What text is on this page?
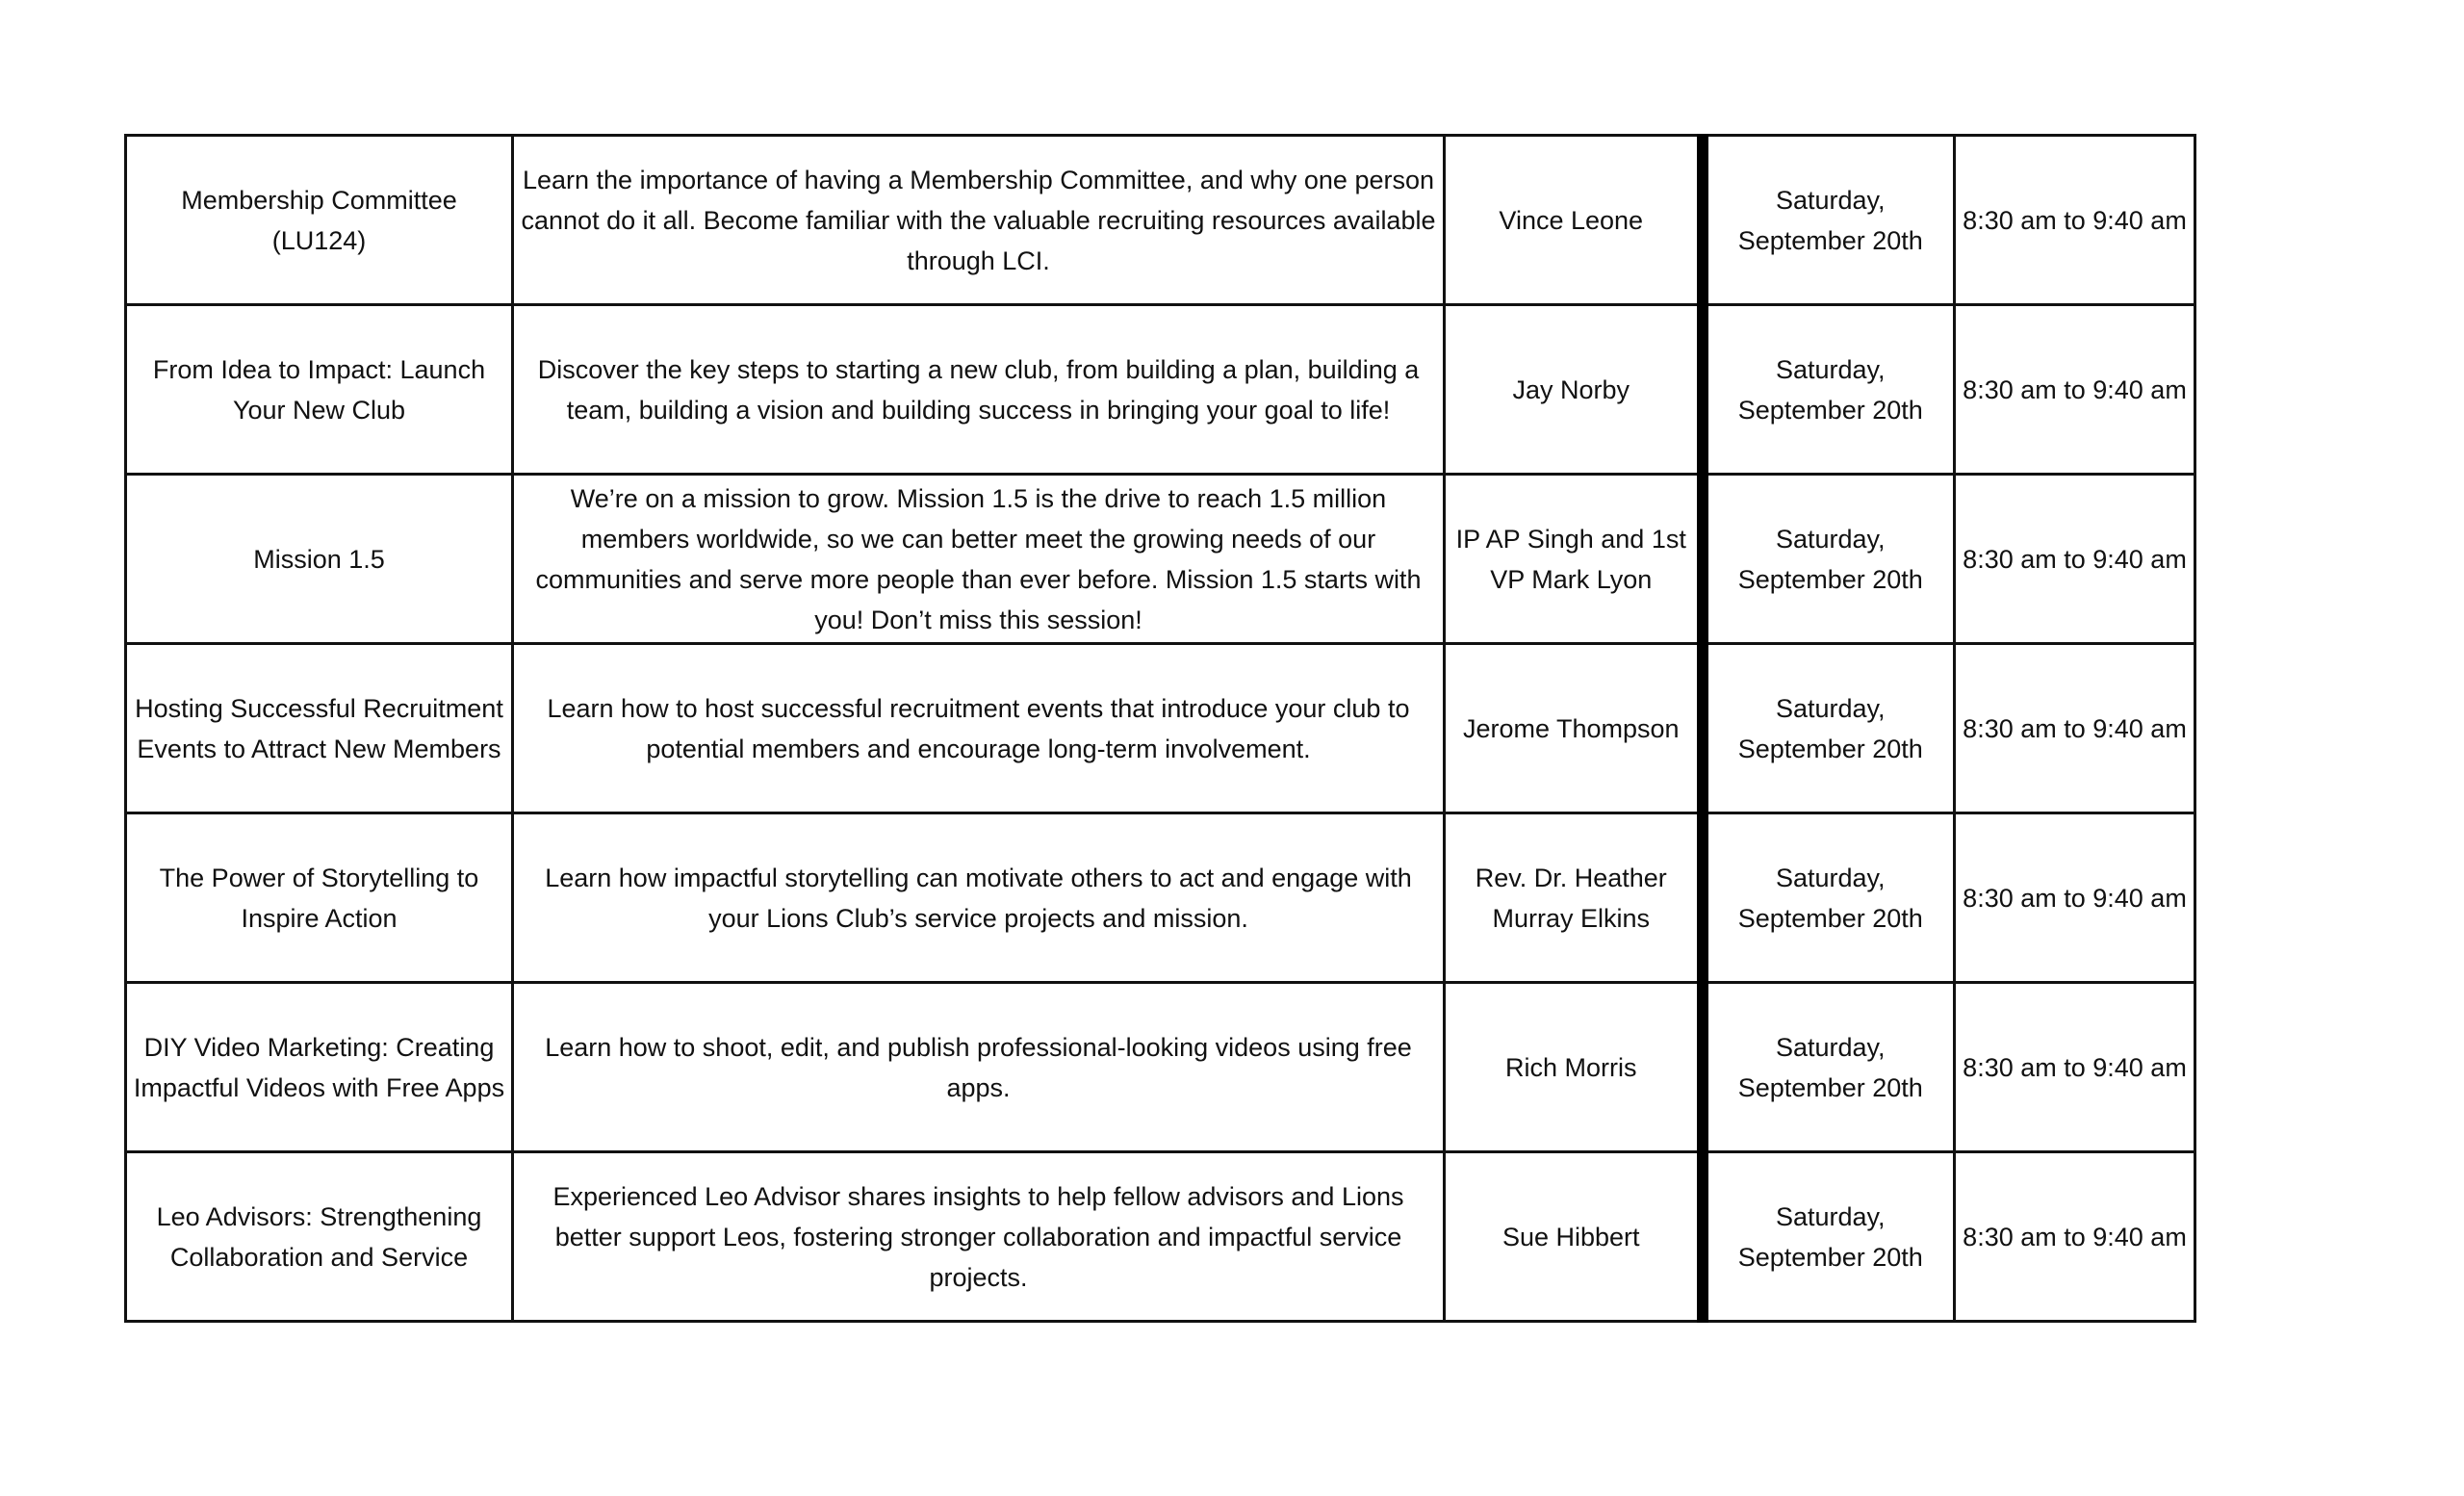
Membership Committee (LU124)	Learn the importance of having a Membership Committee, and why one person cannot do it all. Become familiar with the valuable recruiting resources available through LCI.	Vince Leone	Saturday, September 20th	8:30 am to 9:40 am

From Idea to Impact: Launch Your New Club	Discover the key steps to starting a new club, from building a plan, building a team, building a vision and building success in bringing your goal to life!	Jay Norby	Saturday, September 20th	8:30 am to 9:40 am

Mission 1.5	We’re on a mission to grow. Mission 1.5 is the drive to reach 1.5 million members worldwide, so we can better meet the growing needs of our communities and serve more people than ever before. Mission 1.5 starts with you! Don’t miss this session!	IP AP Singh and 1st VP Mark Lyon	Saturday, September 20th	8:30 am to 9:40 am

Hosting Successful Recruitment Events to Attract New Members	Learn how to host successful recruitment events that introduce your club to potential members and encourage long-term involvement.	Jerome Thompson	Saturday, September 20th	8:30 am to 9:40 am

The Power of Storytelling to Inspire Action	Learn how impactful storytelling can motivate others to act and engage with your Lions Club’s service projects and mission.	Rev. Dr. Heather Murray Elkins	Saturday, September 20th	8:30 am to 9:40 am

DIY Video Marketing: Creating Impactful Videos with Free Apps	Learn how to shoot, edit, and publish professional-looking videos using free apps.	Rich Morris	Saturday, September 20th	8:30 am to 9:40 am

Leo Advisors: Strengthening Collaboration and Service	Experienced Leo Advisor shares insights to help fellow advisors and Lions better support Leos, fostering stronger collaboration and impactful service projects.	Sue Hibbert	Saturday, September 20th	8:30 am to 9:40 am
